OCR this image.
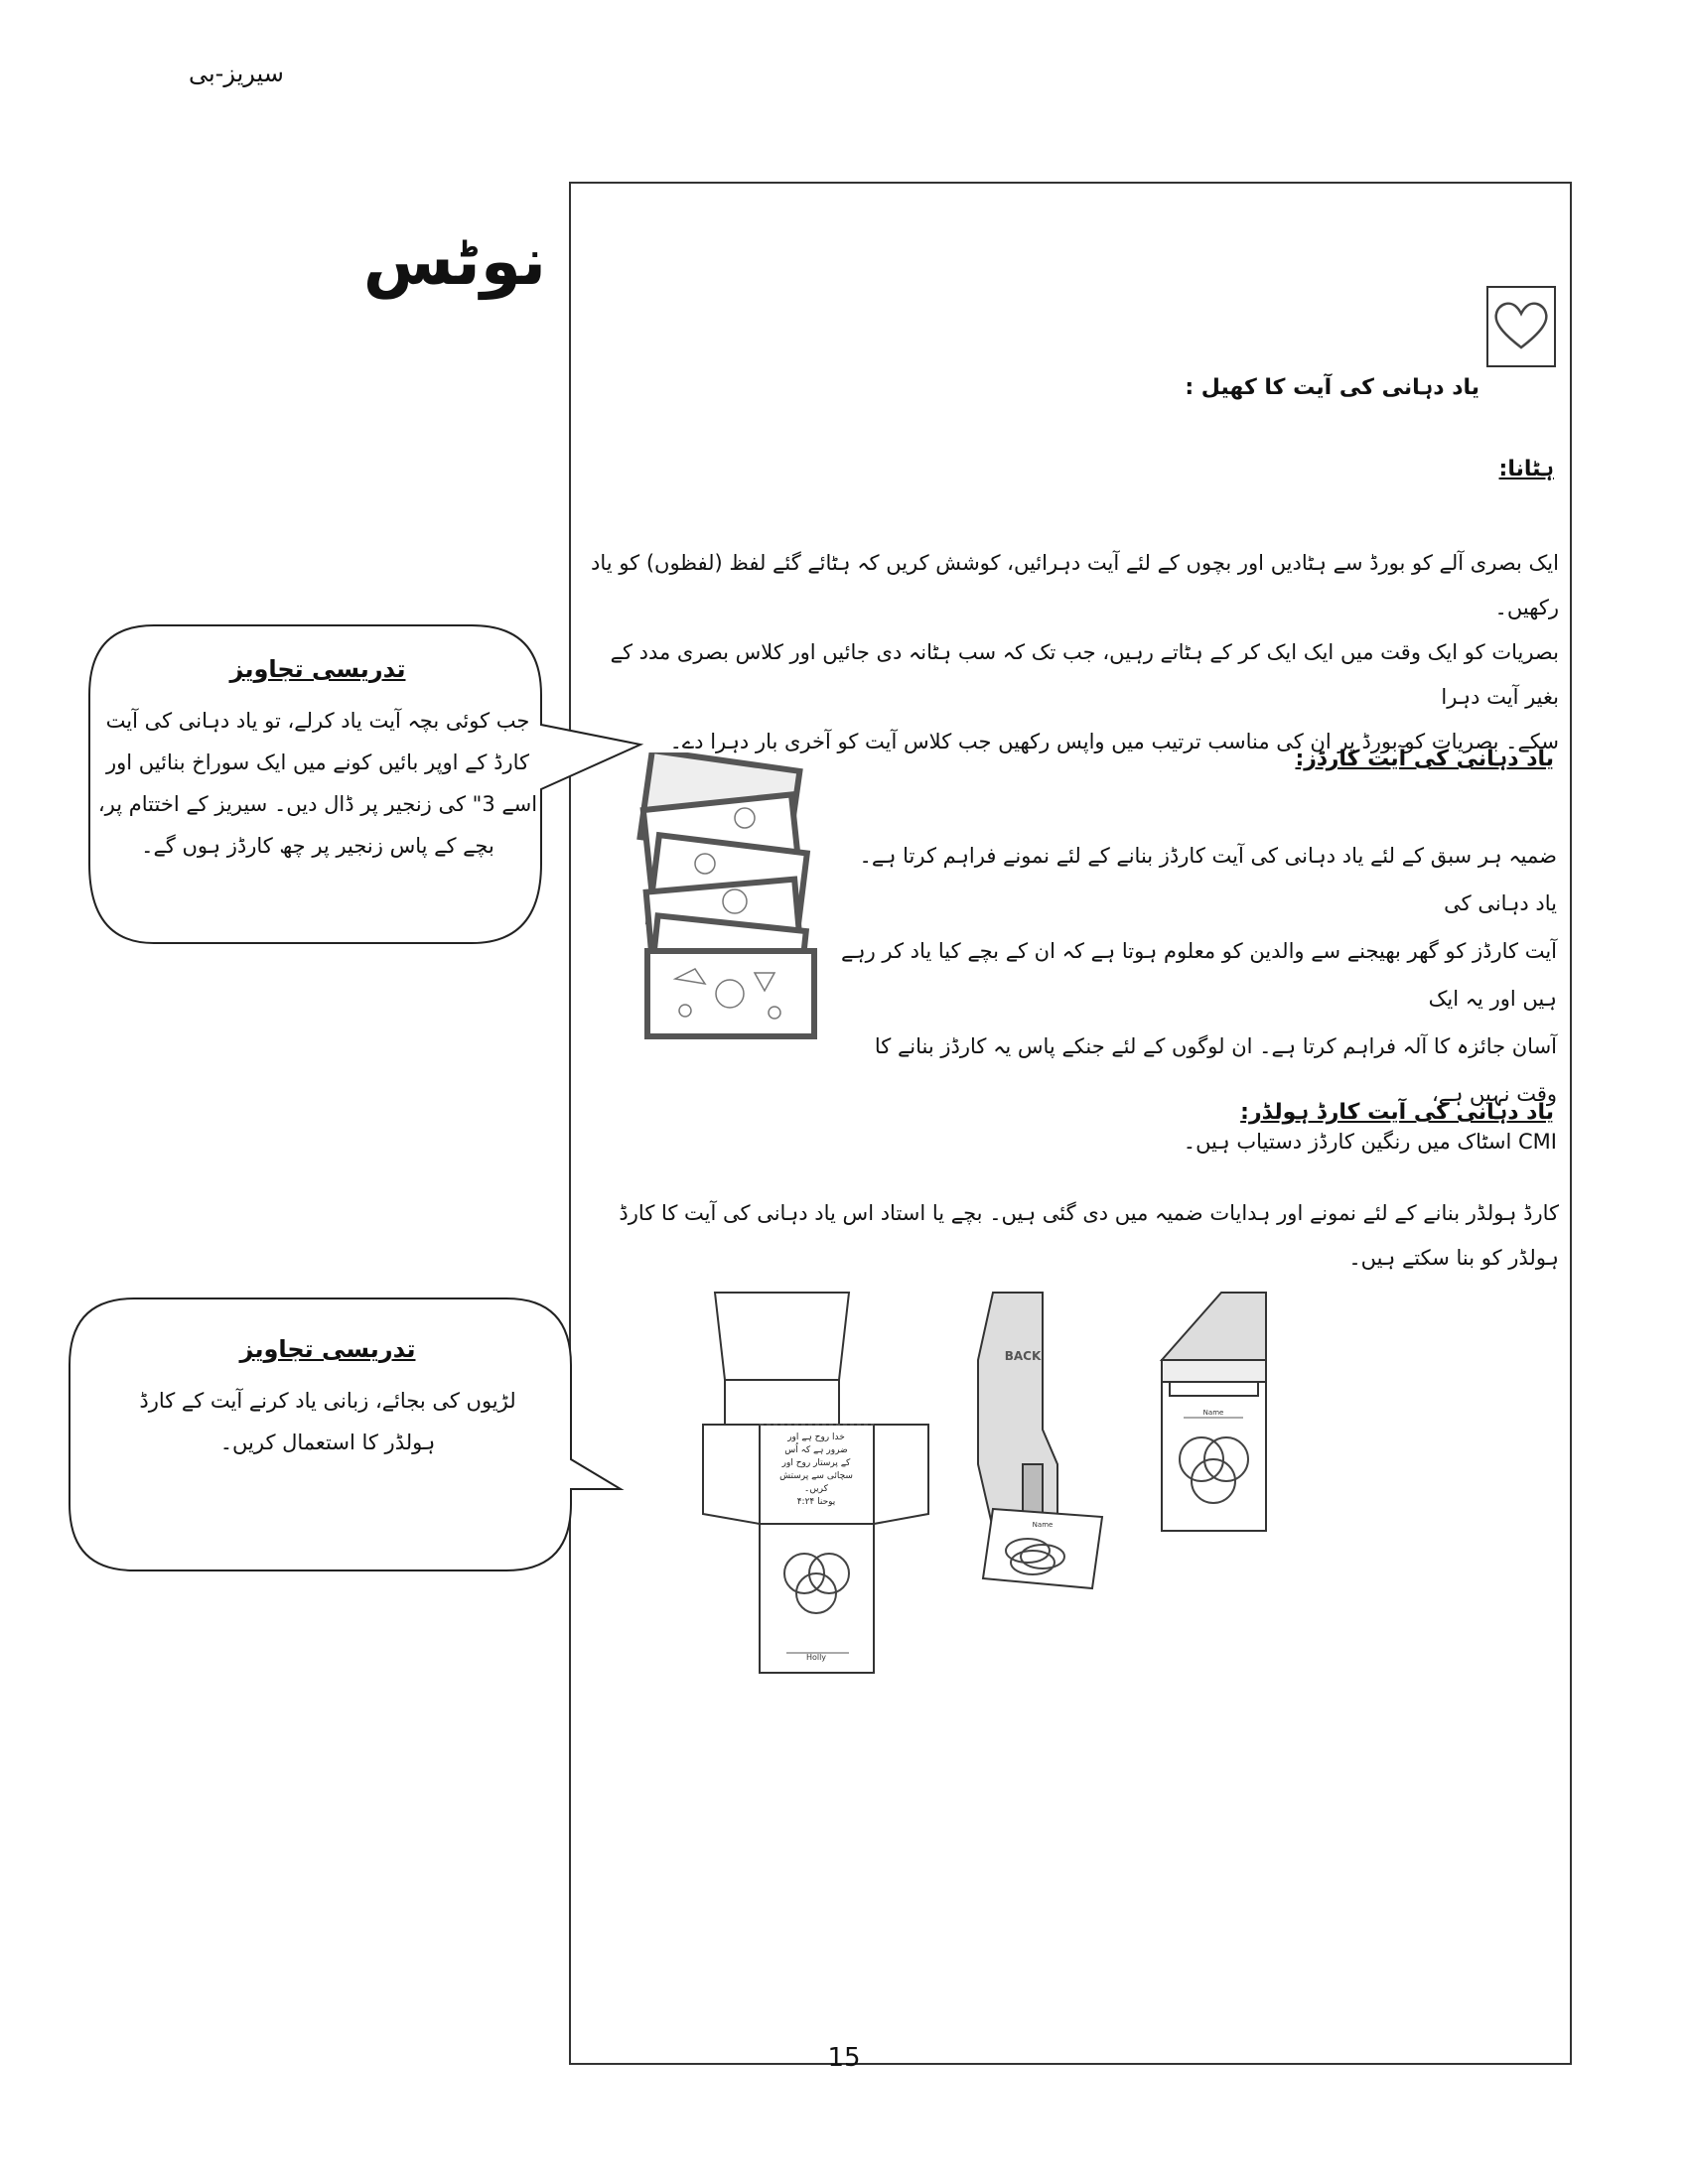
سیریز-بی
نوٹس
یاد دہانی کی آیت کا کھیل :
ہٹانا:
ایک بصری آلے کو بورڈ سے ہٹادیں اور بچوں کے لئے آیت دہرائیں، کوشش کریں کہ ہٹائے گئے لفظ (لفظوں) کو یاد رکھیں۔
بصریات کو ایک وقت میں ایک ایک کر کے ہٹاتے رہیں، جب تک کہ سب ہٹانہ دی جائیں اور کلاس بصری مدد کے بغیر آیت دہرا
سکے۔ بصریات کو بورڈ پر ان کی مناسب ترتیب میں واپس رکھیں جب کلاس آیت کو آخری بار دہرا دے۔
یاد دہانی کی آیت کارڈز:
ضمیہ ہر سبق کے لئے یاد دہانی کی آیت کارڈز بنانے کے لئے نمونے فراہم کرتا ہے۔ یاد دہانی کی
آیت کارڈز کو گھر بھیجنے سے والدین کو معلوم ہوتا ہے کہ ان کے بچے کیا یاد کر رہے ہیں اور یہ ایک
آسان جائزہ کا آلہ فراہم کرتا ہے۔ ان لوگوں کے لئے جنکے پاس یہ کارڈز بنانے کا وقت نہیں ہے،
CMI اسٹاک میں رنگین کارڈز دستیاب ہیں۔
یاد دہانی کی آیت کارڈ ہولڈر:
کارڈ ہولڈر بنانے کے لئے نمونے اور ہدایات ضمیہ میں دی گئی ہیں۔ بچے یا استاد اس یاد دہانی کی آیت کا کارڈ ہولڈر کو بنا سکتے ہیں۔
خدا روح ہے اور
ضرور ہے کہ اُس
کے پرستار روح اور
سچائی سے پرستش
کریں۔
یوحنا ۴:۲۴
Holly
BACK
Name
Name
تدریسی تجاویز
جب کوئی بچہ آیت یاد کرلے، تو یاد دہانی کی آیت
کارڈ کے اوپر بائیں کونے میں ایک سوراخ بنائیں اور
اسے 3" کی زنجیر پر ڈال دیں۔ سیریز کے اختتام پر،
بچے کے پاس زنجیر پر چھ کارڈز ہوں گے۔
تدریسی تجاویز
لڑیوں کی بجائے، زبانی یاد کرنے آیت کے کارڈ
ہولڈر کا استعمال کریں۔
15
